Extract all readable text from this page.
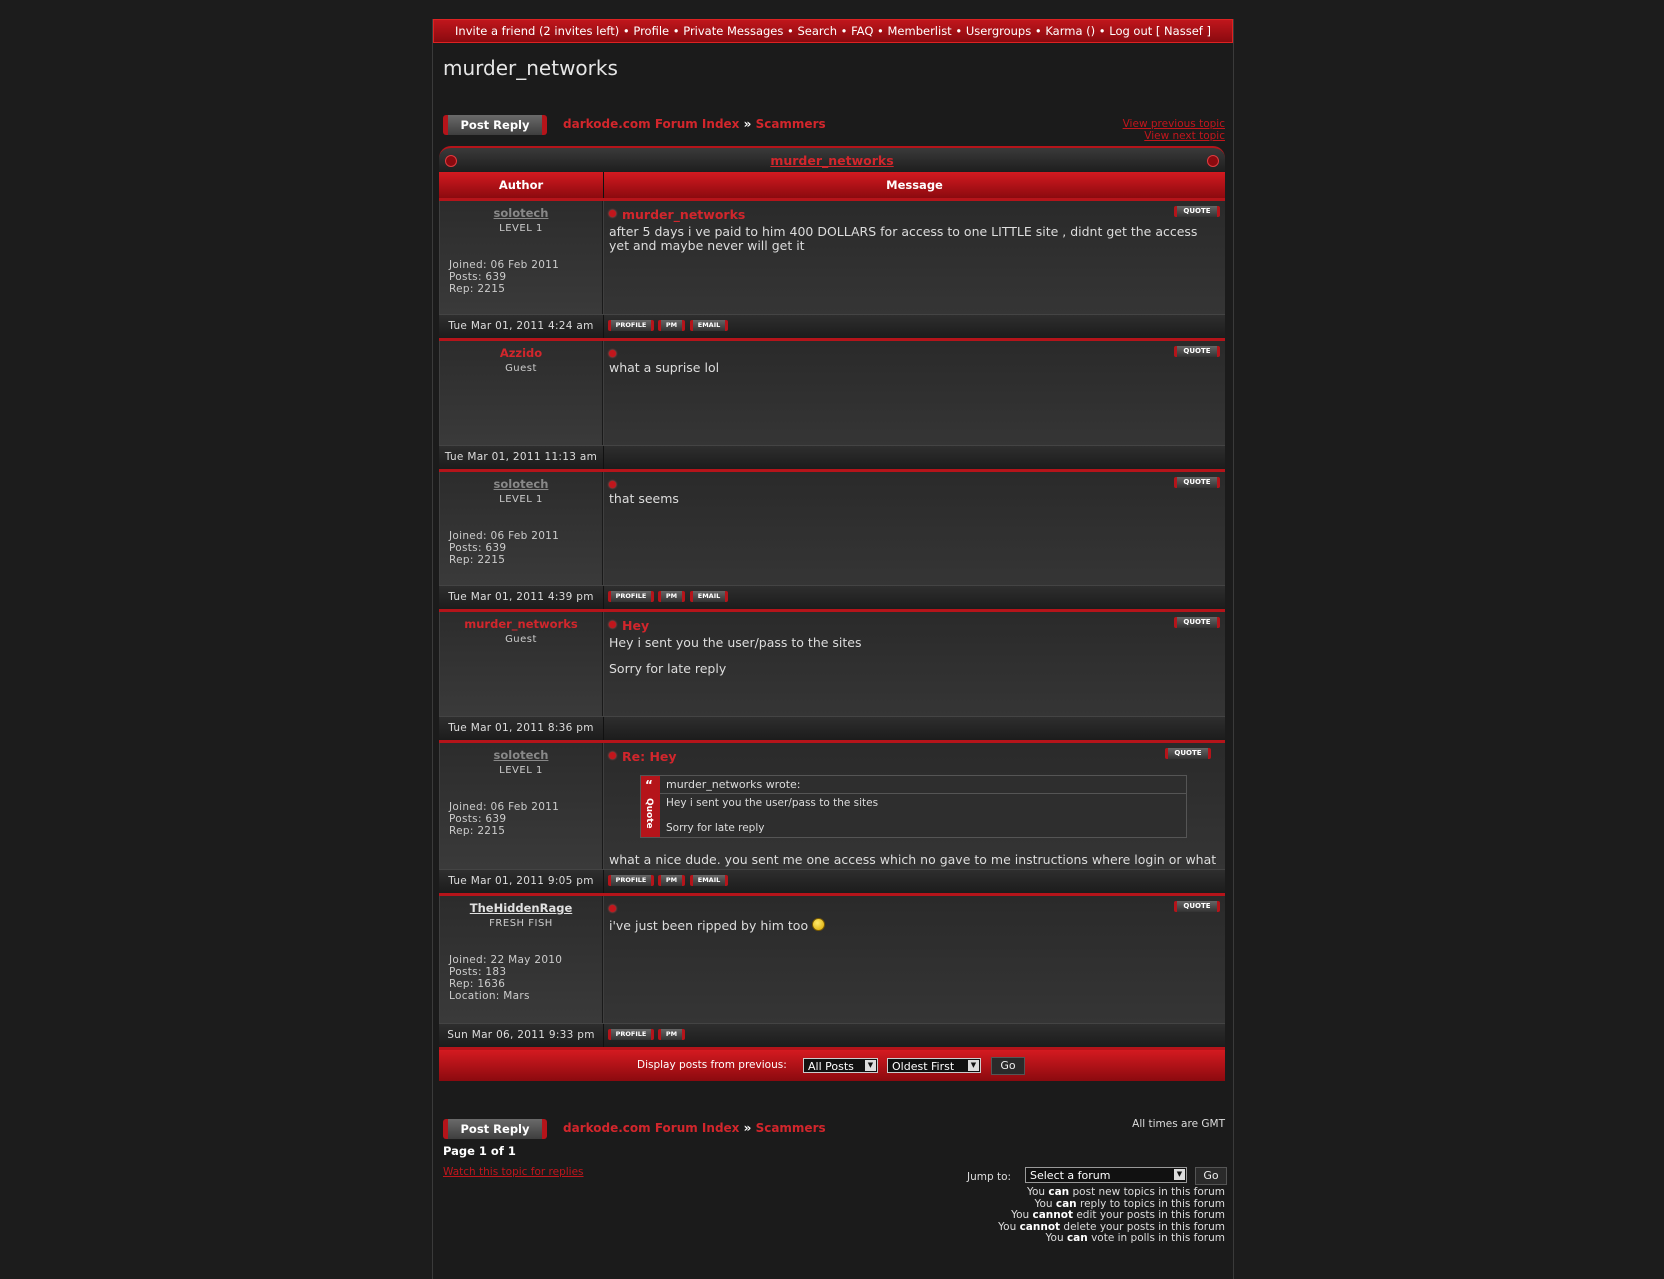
Invite a friend (2 invites left) • Profile • Private Messages • Search • FAQ • Memberlist • Usergroups • Karma () • Log out [ Nassef ]
murder_networks
Post Reply	darkode.com Forum Index » Scammers	View previous topic
View next topic
murder_networks
Author	Message
solotech
LEVEL 1
Joined: 06 Feb 2011
Posts: 639
Rep: 2215
murder_networks	QUOTE
after 5 days i ve paid to him 400 DOLLARS for access to one LITTLE site , didnt get the access yet and maybe never will get it
Tue Mar 01, 2011 4:24 am	PROFILE	PM	EMAIL
Azzido
Guest
QUOTE
what a suprise lol
Tue Mar 01, 2011 11:13 am
solotech
LEVEL 1
Joined: 06 Feb 2011
Posts: 639
Rep: 2215
QUOTE
that seems
Tue Mar 01, 2011 4:39 pm	PROFILE	PM	EMAIL
murder_networks
Guest
Hey	QUOTE
Hey i sent you the user/pass to the sites
Sorry for late reply
Tue Mar 01, 2011 8:36 pm
solotech
LEVEL 1
Joined: 06 Feb 2011
Posts: 639
Rep: 2215
Re: Hey	QUOTE
“
Quote
murder_networks wrote:
Hey i sent you the user/pass to the sites
Sorry for late reply
what a nice dude. you sent me one access which no gave to me instructions where login or what
Tue Mar 01, 2011 9:05 pm	PROFILE	PM	EMAIL
TheHiddenRage
FRESH FISH
Joined: 22 May 2010
Posts: 183
Rep: 1636
Location: Mars
QUOTE
i've just been ripped by him too
Sun Mar 06, 2011 9:33 pm	PROFILE	PM
Display posts from previous:	All Posts	▼	Oldest First	▼	Go
Post Reply	darkode.com Forum Index » Scammers	All times are GMT
Page 1 of 1
Watch this topic for replies	Jump to:	Select a forum	▼	Go
You can post new topics in this forum
You can reply to topics in this forum
You cannot edit your posts in this forum
You cannot delete your posts in this forum
You can vote in polls in this forum
